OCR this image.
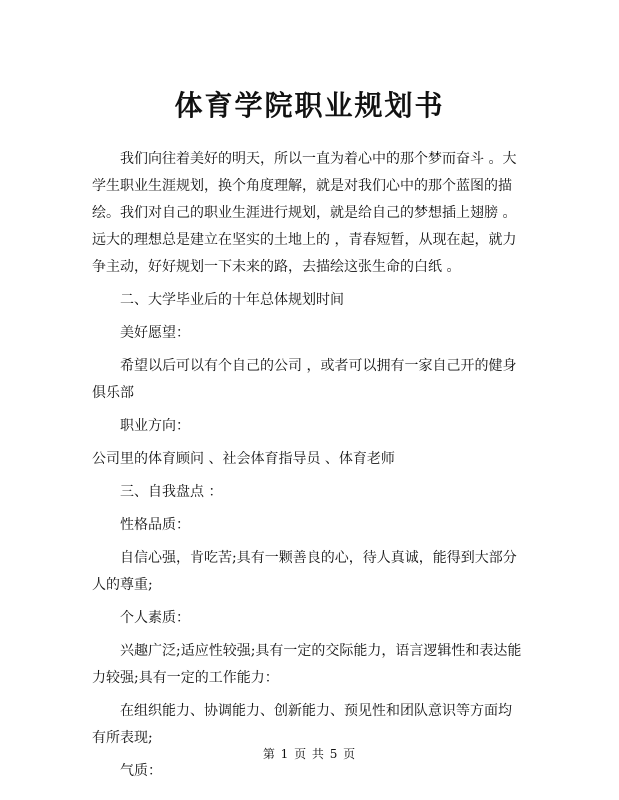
体育学院职业规划书

我们向往着美好的明天，所以一直为着心中的那个梦而奋斗 。大学生职业生涯规划，换个角度理解，就是对我们心中的那个蓝图的描绘。我们对自己的职业生涯进行规划，就是给自己的梦想插上翅膀 。远大的理想总是建立在坚实的土地上的 ，青春短暂，从现在起，就力争主动，好好规划一下未来的路，去描绘这张生命的白纸 。

二、大学毕业后的十年总体规划时间

美好愿望：

希望以后可以有个自己的公司 ，或者可以拥有一家自己开的健身俱乐部

职业方向：

公司里的体育顾问 、社会体育指导员 、体育老师

三、自我盘点 ：

性格品质：

自信心强，肯吃苦;具有一颗善良的心，待人真诚，能得到大部分人的尊重;

个人素质：

兴趣广泛;适应性较强;具有一定的交际能力，语言逻辑性和表达能力较强;具有一定的工作能力：

在组织能力、协调能力、创新能力、预见性和团队意识等方面均有所表现;

气质：

第 1 页 共 5 页
